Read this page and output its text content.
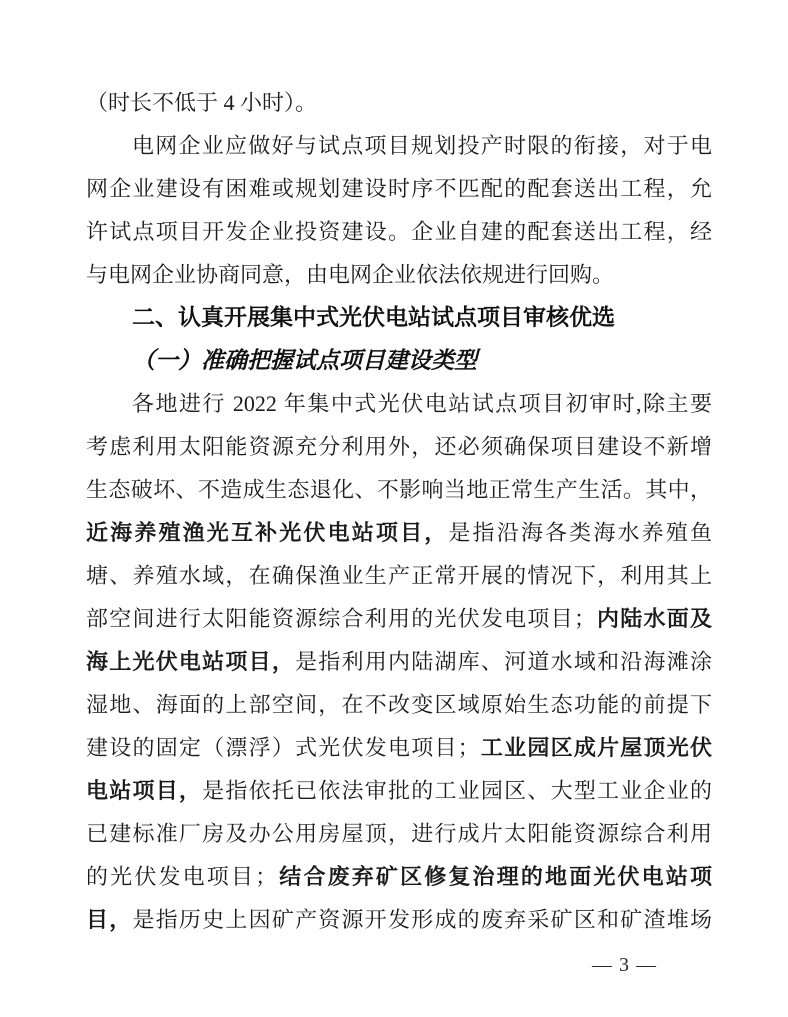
（时长不低于 4 小时）。
电网企业应做好与试点项目规划投产时限的衔接，对于电
网企业建设有困难或规划建设时序不匹配的配套送出工程，允
许试点项目开发企业投资建设。企业自建的配套送出工程，经
与电网企业协商同意，由电网企业依法依规进行回购。
二、认真开展集中式光伏电站试点项目审核优选
（一）准确把握试点项目建设类型
各地进行 2022 年集中式光伏电站试点项目初审时,除主要
考虑利用太阳能资源充分利用外，还必须确保项目建设不新增
生态破坏、不造成生态退化、不影响当地正常生产生活。其中，
近海养殖渔光互补光伏电站项目，是指沿海各类海水养殖鱼
塘、养殖水域，在确保渔业生产正常开展的情况下，利用其上
部空间进行太阳能资源综合利用的光伏发电项目；内陆水面及
海上光伏电站项目，是指利用内陆湖库、河道水域和沿海滩涂
湿地、海面的上部空间，在不改变区域原始生态功能的前提下
建设的固定（漂浮）式光伏发电项目；工业园区成片屋顶光伏
电站项目，是指依托已依法审批的工业园区、大型工业企业的
已建标准厂房及办公用房屋顶，进行成片太阳能资源综合利用
的光伏发电项目；结合废弃矿区修复治理的地面光伏电站项
目，是指历史上因矿产资源开发形成的废弃采矿区和矿渣堆场
— 3 —
